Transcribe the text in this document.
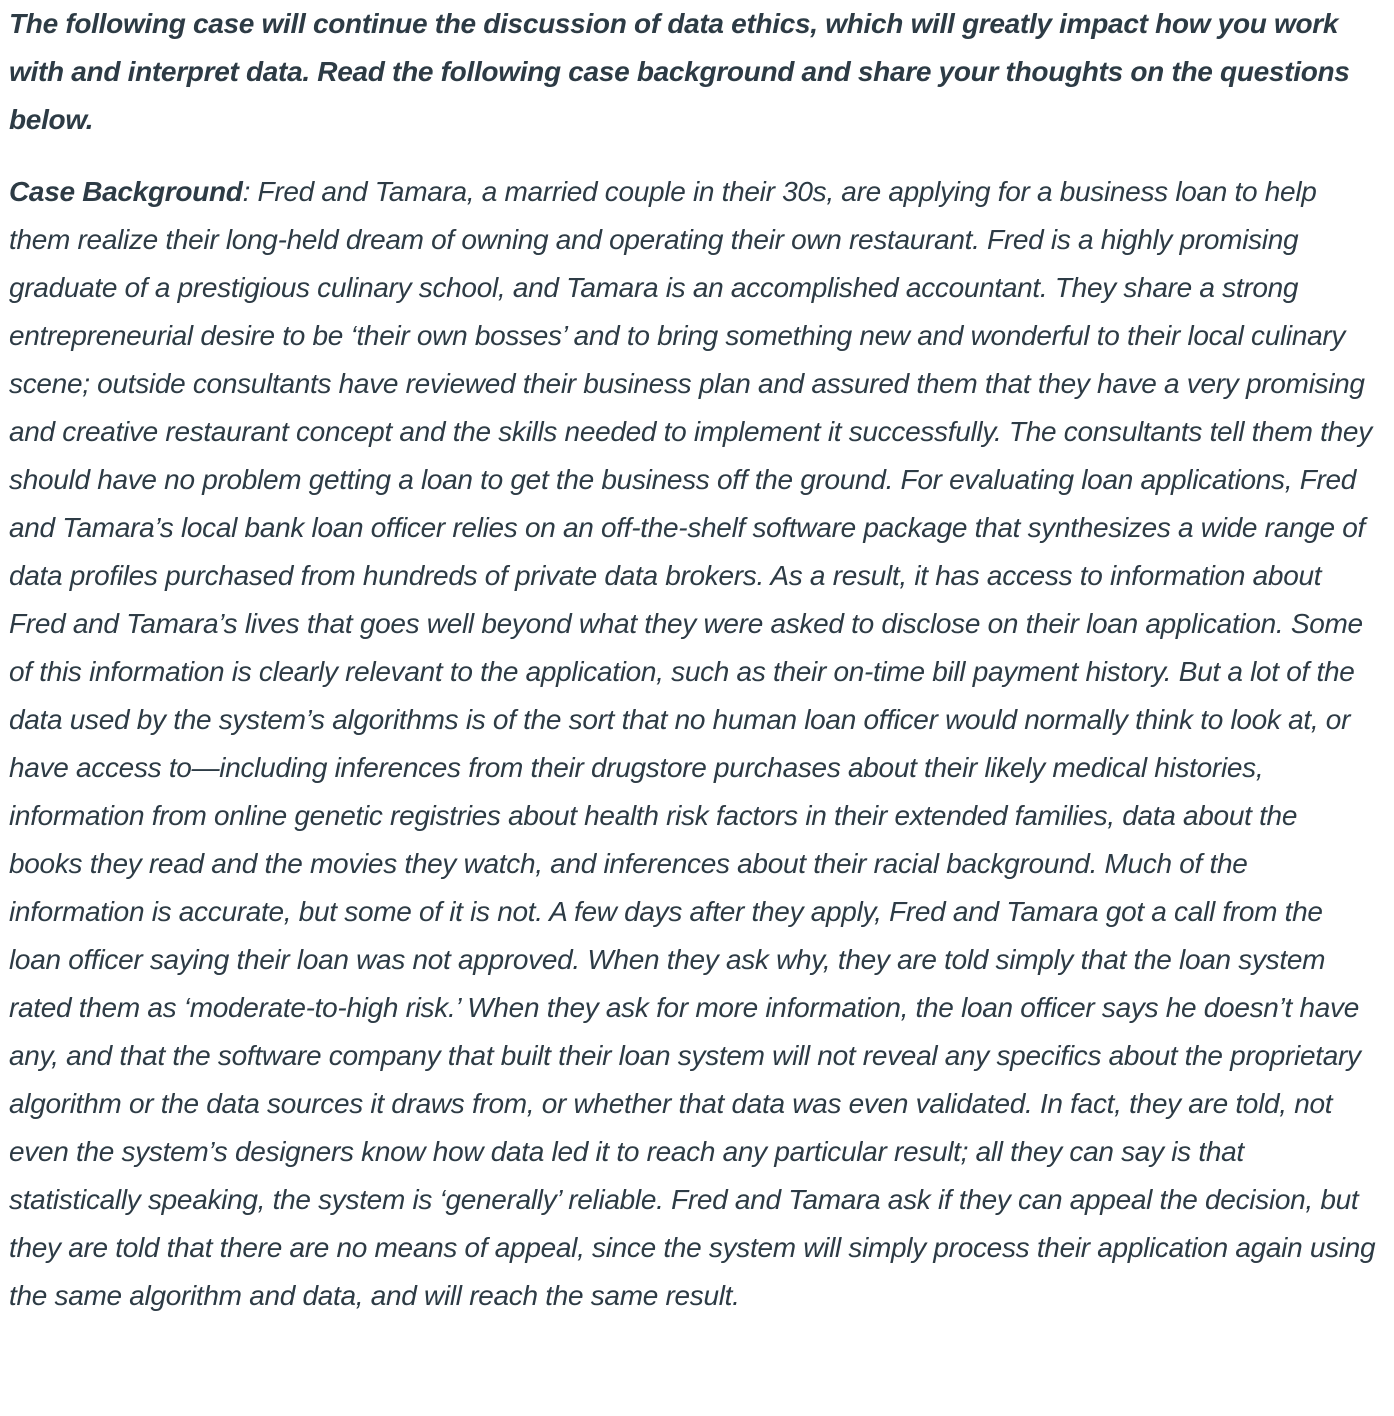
The following case will continue the discussion of data ethics, which will greatly impact how you work with and interpret data. Read the following case background and share your thoughts on the questions below.

Case Background: Fred and Tamara, a married couple in their 30s, are applying for a business loan to help them realize their long-held dream of owning and operating their own restaurant. Fred is a highly promising graduate of a prestigious culinary school, and Tamara is an accomplished accountant. They share a strong entrepreneurial desire to be ‘their own bosses’ and to bring something new and wonderful to their local culinary scene; outside consultants have reviewed their business plan and assured them that they have a very promising and creative restaurant concept and the skills needed to implement it successfully. The consultants tell them they should have no problem getting a loan to get the business off the ground. For evaluating loan applications, Fred and Tamara’s local bank loan officer relies on an off-the-shelf software package that synthesizes a wide range of data profiles purchased from hundreds of private data brokers. As a result, it has access to information about Fred and Tamara’s lives that goes well beyond what they were asked to disclose on their loan application. Some of this information is clearly relevant to the application, such as their on-time bill payment history. But a lot of the data used by the system’s algorithms is of the sort that no human loan officer would normally think to look at, or have access to—including inferences from their drugstore purchases about their likely medical histories, information from online genetic registries about health risk factors in their extended families, data about the books they read and the movies they watch, and inferences about their racial background. Much of the information is accurate, but some of it is not. A few days after they apply, Fred and Tamara got a call from the loan officer saying their loan was not approved. When they ask why, they are told simply that the loan system rated them as ‘moderate-to-high risk.’ When they ask for more information, the loan officer says he doesn’t have any, and that the software company that built their loan system will not reveal any specifics about the proprietary algorithm or the data sources it draws from, or whether that data was even validated. In fact, they are told, not even the system’s designers know how data led it to reach any particular result; all they can say is that statistically speaking, the system is ‘generally’ reliable. Fred and Tamara ask if they can appeal the decision, but they are told that there are no means of appeal, since the system will simply process their application again using the same algorithm and data, and will reach the same result.
